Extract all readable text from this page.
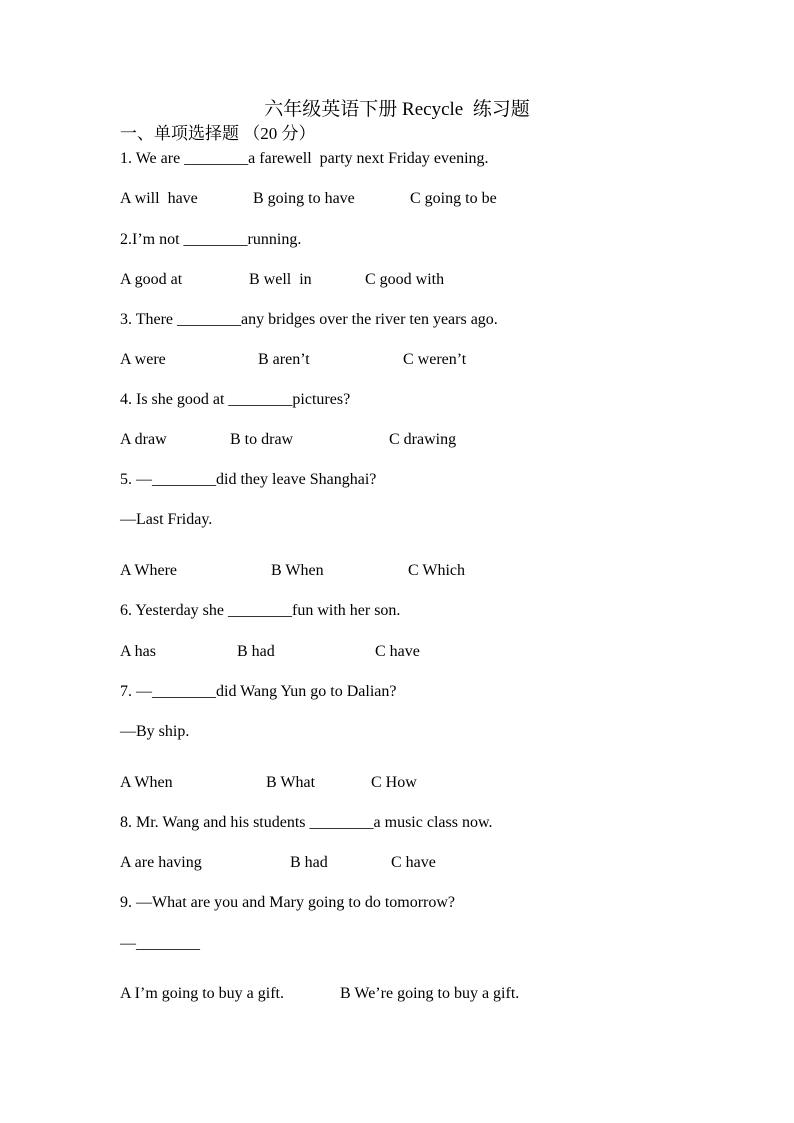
六年级英语下册 Recycle  练习题
一、单项选择题 （20 分）
1. We are ________a farewell  party next Friday evening.
A will  have	B going to have	C going to be
2.I’m not ________running.
A good at	B well  in	C good with
3. There ________any bridges over the river ten years ago.
A were	B aren’t	C weren’t
4. Is she good at ________pictures?
A draw	B to draw	C drawing
5. —________did they leave Shanghai?
—Last Friday.
A Where	B When	C Which
6. Yesterday she ________fun with her son.
A has	B had	C have
7. —________did Wang Yun go to Dalian?
—By ship.
A When	B What	C How
8. Mr. Wang and his students ________a music class now.
A are having	B had	C have
9. —What are you and Mary going to do tomorrow?
—________
A I’m going to buy a gift.	B We’re going to buy a gift.
